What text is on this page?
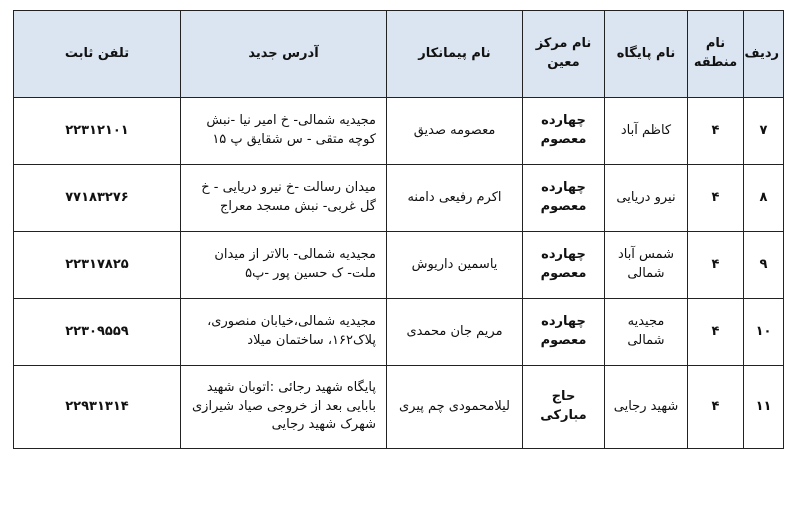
ردیف	نام منطقه	نام پایگاه	نام مرکز معین	نام پیمانکار	آدرس جدید	تلفن ثابت
۷	۴	کاظم آباد	چهارده معصوم	معصومه صدیق	مجیدیه شمالی- خ امیر نیا -نبش کوچه متقی - س شقایق پ ۱۵	۲۲۳۱۲۱۰۱
۸	۴	نیرو دریایی	چهارده معصوم	اکرم رفیعی دامنه	میدان رسالت -خ نیرو دریایی - خ گل غربی- نبش مسجد معراج	۷۷۱۸۳۲۷۶
۹	۴	شمس آباد شمالی	چهارده معصوم	یاسمین داریوش	مجیدیه شمالی- بالاتر از میدان ملت- ک حسین پور -پ۵	۲۲۳۱۷۸۲۵
۱۰	۴	مجیدیه شمالی	چهارده معصوم	مریم جان محمدی	مجیدیه شمالی،خیابان منصوری، پلاک۱۶۲، ساختمان میلاد	۲۲۳۰۹۵۵۹
۱۱	۴	شهید رجایی	حاج مبارکی	لیلامحمودی چم پیری	پایگاه شهید رجائی :اتوبان شهید بابایی بعد از خروجی صیاد شیرازی شهرک شهید رجایی	۲۲۹۳۱۳۱۴
